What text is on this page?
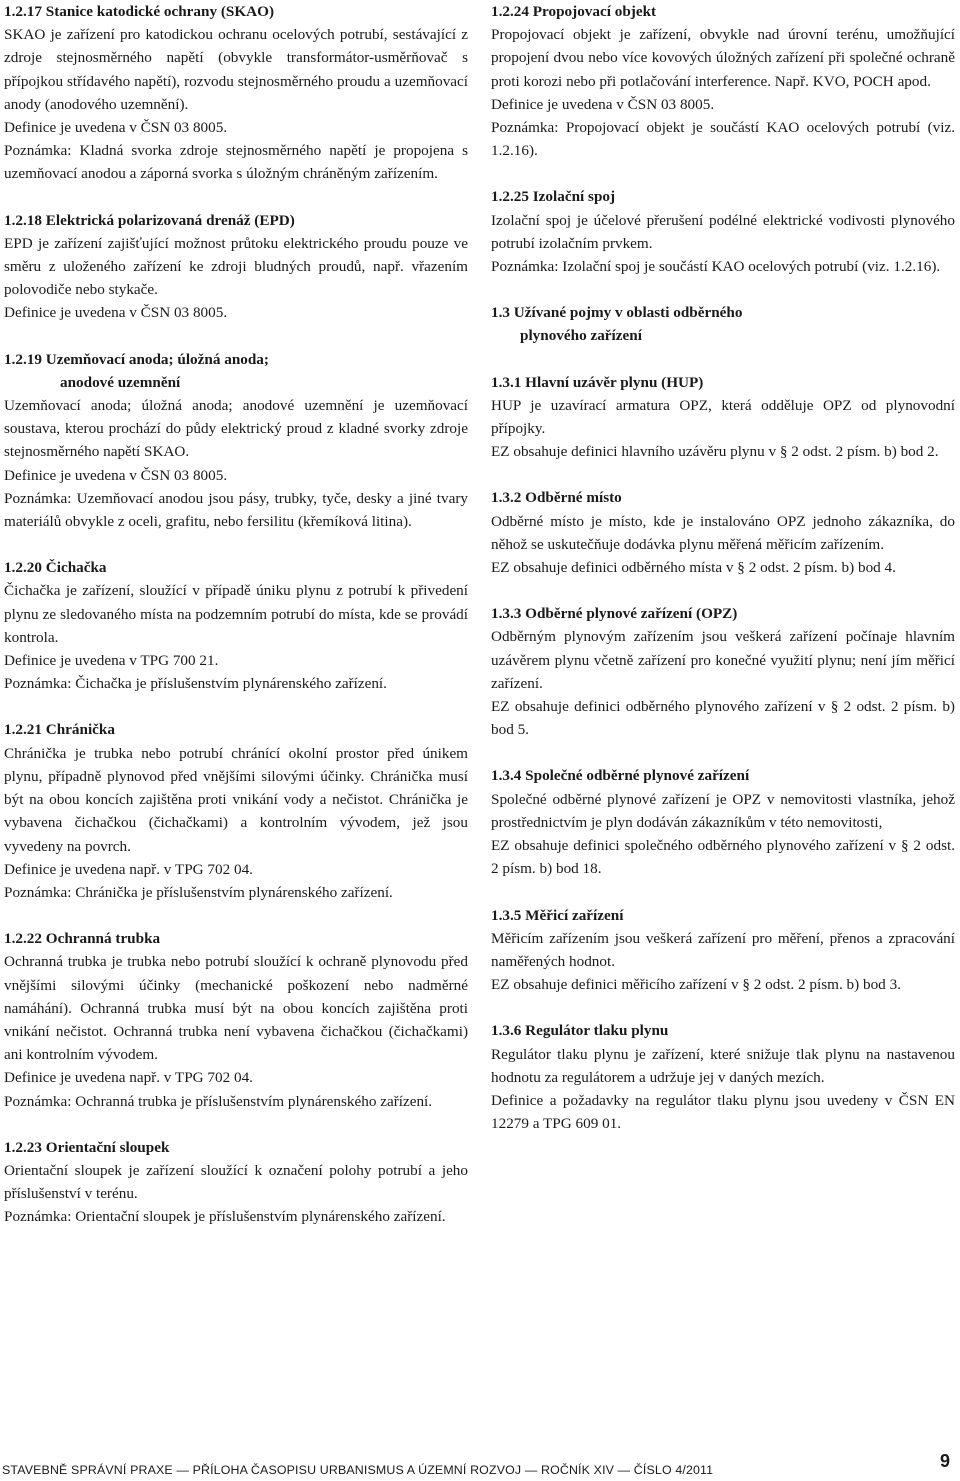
1.2.17 Stanice katodické ochrany (SKAO)

SKAO je zařízení pro katodickou ochranu ocelových potrubí, sestávající z zdroje stejnosměrného napětí (obvykle transformátor-usměrňovač s přípojkou střídavého napětí), rozvodu stejnosměrného proudu a uzemňovací anody (anodového uzemnění).

Definice je uvedena v ČSN 03 8005.

Poznámka: Kladná svorka zdroje stejnosměrného napětí je propojena s uzemňovací anodou a záporná svorka s úložným chráněným zařízením.

1.2.18 Elektrická polarizovaná drenáž (EPD)

EPD je zařízení zajišťující možnost průtoku elektrického proudu pouze ve směru z uloženého zařízení ke zdroji bludných proudů, např. vřazením polovodiče nebo stykače.

Definice je uvedena v ČSN 03 8005.

1.2.19 Uzemňovací anoda; úložná anoda;
anodové uzemnění

Uzemňovací anoda; úložná anoda; anodové uzemnění je uzemňovací soustava, kterou prochází do půdy elektrický proud z kladné svorky zdroje stejnosměrného napětí SKAO.

Definice je uvedena v ČSN 03 8005.

Poznámka: Uzemňovací anodou jsou pásy, trubky, tyče, desky a jiné tvary materiálů obvykle z oceli, grafitu, nebo fersilitu (křemíková litina).

1.2.20 Čichačka

Čichačka je zařízení, sloužící v případě úniku plynu z potrubí k přivedení plynu ze sledovaného místa na podzemním potrubí do místa, kde se provádí kontrola.

Definice je uvedena v TPG 700 21.

Poznámka: Čichačka je příslušenstvím plynárenského zařízení.

1.2.21 Chránička

Chránička je trubka nebo potrubí chránící okolní prostor před únikem plynu, případně plynovod před vnějšími silovými účinky. Chránička musí být na obou koncích zajištěna proti vnikání vody a nečistot. Chránička je vybavena čichačkou (čichačkami) a kontrolním vývodem, jež jsou vyvedeny na povrch.

Definice je uvedena např. v TPG 702 04.

Poznámka: Chránička je příslušenstvím plynárenského zařízení.

1.2.22 Ochranná trubka

Ochranná trubka je trubka nebo potrubí sloužící k ochraně plynovodu před vnějšími silovými účinky (mechanické poškození nebo nadměrné namáhání). Ochranná trubka musí být na obou koncích zajištěna proti vnikání nečistot. Ochranná trubka není vybavena čichačkou (čichačkami) ani kontrolním vývodem.

Definice je uvedena např. v TPG 702 04.

Poznámka: Ochranná trubka je příslušenstvím plynárenského zařízení.

1.2.23 Orientační sloupek

Orientační sloupek je zařízení sloužící k označení polohy potrubí a jeho příslušenství v terénu.

Poznámka: Orientační sloupek je příslušenstvím plynárenského zařízení.

1.2.24 Propojovací objekt

Propojovací objekt je zařízení, obvykle nad úrovní terénu, umožňující propojení dvou nebo více kovových úložných zařízení při společné ochraně proti korozi nebo při potlačování interference. Např. KVO, POCH apod.

Definice je uvedena v ČSN 03 8005.

Poznámka: Propojovací objekt je součástí KAO ocelových potrubí (viz. 1.2.16).

1.2.25 Izolační spoj

Izolační spoj je účelové přerušení podélné elektrické vodivosti plynového potrubí izolačním prvkem.

Poznámka: Izolační spoj je součástí KAO ocelových potrubí (viz. 1.2.16).

1.3 Užívané pojmy v oblasti odběrného
plynového zařízení
1.3.1 Hlavní uzávěr plynu (HUP)

HUP je uzavírací armatura OPZ, která odděluje OPZ od plynovodní přípojky.

EZ obsahuje definici hlavního uzávěru plynu v § 2 odst. 2 písm. b) bod 2.

1.3.2 Odběrné místo

Odběrné místo je místo, kde je instalováno OPZ jednoho zákazníka, do něhož se uskutečňuje dodávka plynu měřená měřicím zařízením.

EZ obsahuje definici odběrného místa v § 2 odst. 2 písm. b) bod 4.

1.3.3 Odběrné plynové zařízení (OPZ)

Odběrným plynovým zařízením jsou veškerá zařízení počínaje hlavním uzávěrem plynu včetně zařízení pro konečné využití plynu; není jím měřicí zařízení.

EZ obsahuje definici odběrného plynového zařízení v § 2 odst. 2 písm. b) bod 5.

1.3.4 Společné odběrné plynové zařízení

Společné odběrné plynové zařízení je OPZ v nemovitosti vlastníka, jehož prostřednictvím je plyn dodáván zákazníkům v této nemovitosti,

EZ obsahuje definici společného odběrného plynového zařízení v § 2 odst. 2 písm. b) bod 18.

1.3.5 Měřicí zařízení

Měřicím zařízením jsou veškerá zařízení pro měření, přenos a zpracování naměřených hodnot.

EZ obsahuje definici měřicího zařízení v § 2 odst. 2 písm. b) bod 3.

1.3.6 Regulátor tlaku plynu

Regulátor tlaku plynu je zařízení, které snižuje tlak plynu na nastavenou hodnotu za regulátorem a udržuje jej v daných mezích.

Definice a požadavky na regulátor tlaku plynu jsou uvedeny v ČSN EN 12279 a TPG 609 01.

STAVEBNĚ SPRÁVNÍ PRAXE — PŘÍLOHA ČASOPISU URBANISMUS A ÚZEMNÍ ROZVOJ — ROČNÍK XIV — ČÍSLO 4/2011	9
